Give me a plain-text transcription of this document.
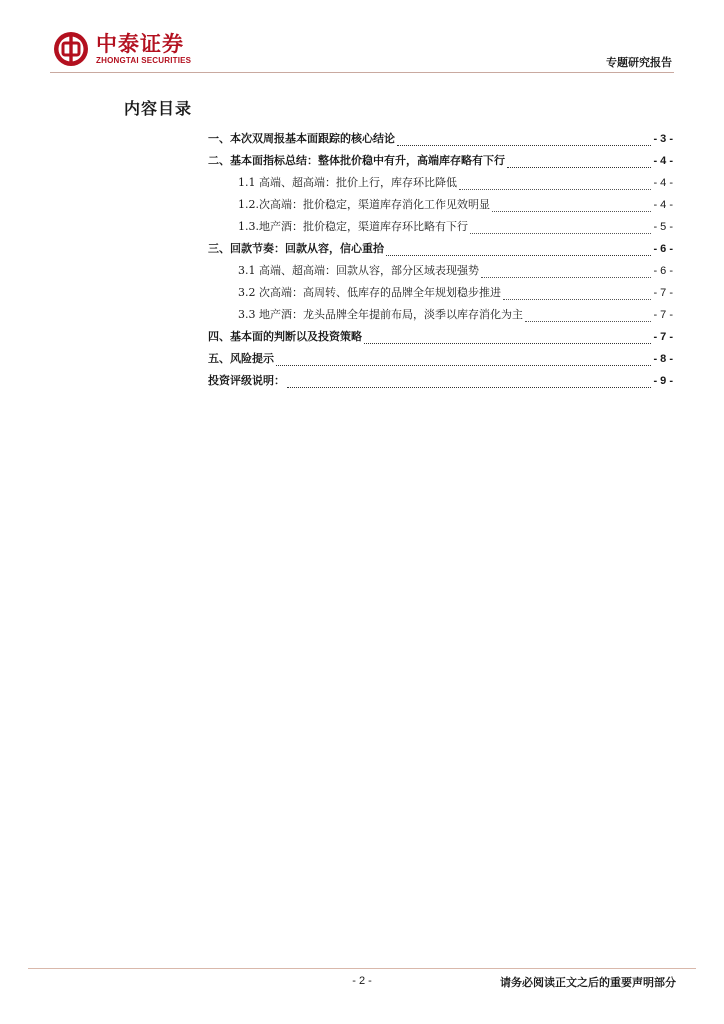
中泰证券
ZHONGTAI SECURITIES	专题研究报告
内容目录
一、本次双周报基本面跟踪的核心结论	- 3 -
二、基本面指标总结：整体批价稳中有升，高端库存略有下行	- 4 -
1.1 高端、超高端：批价上行，库存环比降低	- 4 -
1.2.次高端：批价稳定，渠道库存消化工作见效明显	- 4 -
1.3.地产酒：批价稳定，渠道库存环比略有下行	- 5 -
三、回款节奏：回款从容，信心重拾	- 6 -
3.1 高端、超高端：回款从容，部分区域表现强势	- 6 -
3.2 次高端：高周转、低库存的品牌全年规划稳步推进	- 7 -
3.3 地产酒：龙头品牌全年提前布局，淡季以库存消化为主	- 7 -
四、基本面的判断以及投资策略	- 7 -
五、风险提示	- 8 -
投资评级说明：	- 9 -
- 2 -	请务必阅读正文之后的重要声明部分
